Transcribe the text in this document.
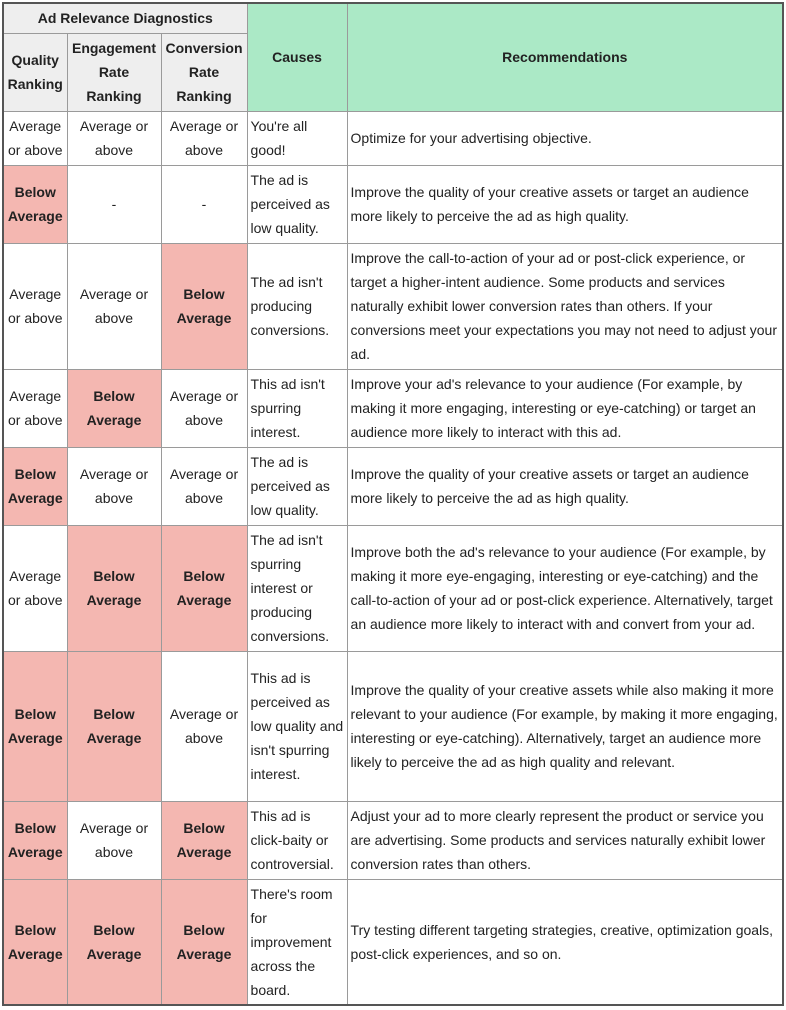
Ad Relevance Diagnostics			Causes	Recommendations
Quality Ranking	Engagement Rate Ranking	Conversion Rate Ranking		
Average or above	Average or above	Average or above	You're all good!	Optimize for your advertising objective.
Below Average	-	-	The ad is perceived as low quality.	Improve the quality of your creative assets or target an audience more likely to perceive the ad as high quality.
Average or above	Average or above	Below Average	The ad isn't producing conversions.	Improve the call-to-action of your ad or post-click experience, or target a higher-intent audience. Some products and services naturally exhibit lower conversion rates than others. If your conversions meet your expectations you may not need to adjust your ad.
Average or above	Below Average	Average or above	This ad isn't spurring interest.	Improve your ad's relevance to your audience (For example, by making it more engaging, interesting or eye-catching) or target an audience more likely to interact with this ad.
Below Average	Average or above	Average or above	The ad is perceived as low quality.	Improve the quality of your creative assets or target an audience more likely to perceive the ad as high quality.
Average or above	Below Average	Below Average	The ad isn't spurring interest or producing conversions.	Improve both the ad's relevance to your audience (For example, by making it more eye-engaging, interesting or eye-catching) and the call-to-action of your ad or post-click experience. Alternatively, target an audience more likely to interact with and convert from your ad.
Below Average	Below Average	Average or above	This ad is perceived as low quality and isn't spurring interest.	Improve the quality of your creative assets while also making it more relevant to your audience (For example, by making it more engaging, interesting or eye-catching). Alternatively, target an audience more likely to perceive the ad as high quality and relevant.
Below Average	Average or above	Below Average	This ad is click-baity or controversial.	Adjust your ad to more clearly represent the product or service you are advertising. Some products and services naturally exhibit lower conversion rates than others.
Below Average	Below Average	Below Average	There's room for improvement across the board.	Try testing different targeting strategies, creative, optimization goals, post-click experiences, and so on.
